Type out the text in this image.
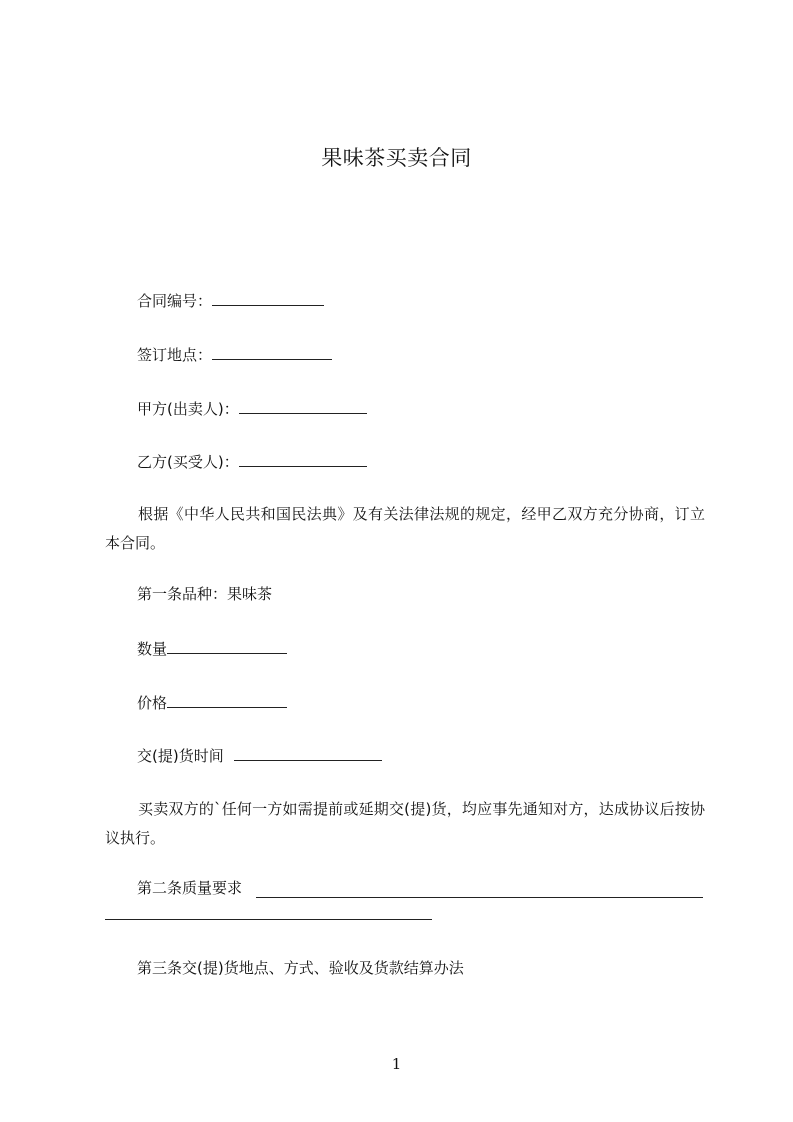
果味茶买卖合同
合同编号：
签订地点：
甲方(出卖人)：
乙方(买受人)：
根据《中华人民共和国民法典》及有关法律法规的规定，经甲乙双方充分协商，订立本合同。
第一条品种：果味茶
数量
价格
交(提)货时间
买卖双方的`任何一方如需提前或延期交(提)货，均应事先通知对方，达成协议后按协议执行。
第二条质量要求
第三条交(提)货地点、方式、验收及货款结算办法
1
